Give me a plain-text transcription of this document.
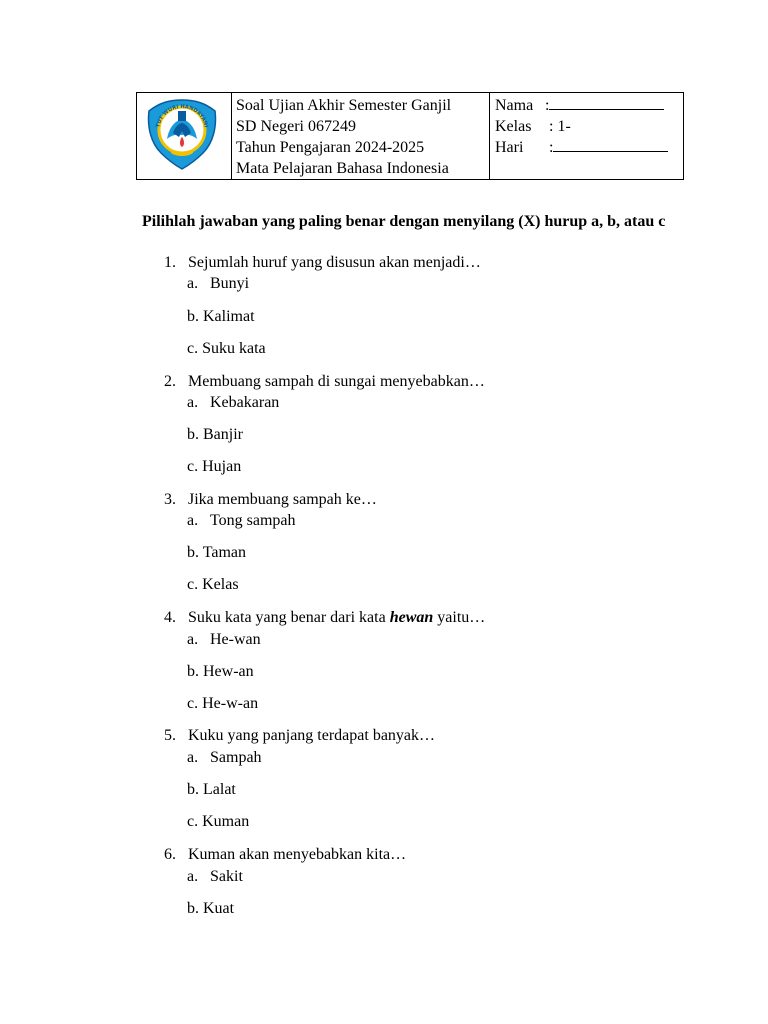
TUT WURI HANDAYANI

Soal Ujian Akhir Semester Ganjil
SD Negeri 067249
Tahun Pengajaran 2024-2025
Mata Pelajaran Bahasa Indonesia

Nama :
Kelas : 1-
Hari :
Pilihlah jawaban yang paling benar dengan menyilang (X) hurup a, b, atau c
1. Sejumlah huruf yang disusun akan menjadi…
a. Bunyi
b. Kalimat
c. Suku kata
2. Membuang sampah di sungai menyebabkan…
a. Kebakaran
b. Banjir
c. Hujan
3. Jika membuang sampah ke…
a. Tong sampah
b. Taman
c. Kelas
4. Suku kata yang benar dari kata hewan yaitu…
a. He-wan
b. Hew-an
c. He-w-an
5. Kuku yang panjang terdapat banyak…
a. Sampah
b. Lalat
c. Kuman
6. Kuman akan menyebabkan kita…
a. Sakit
b. Kuat
